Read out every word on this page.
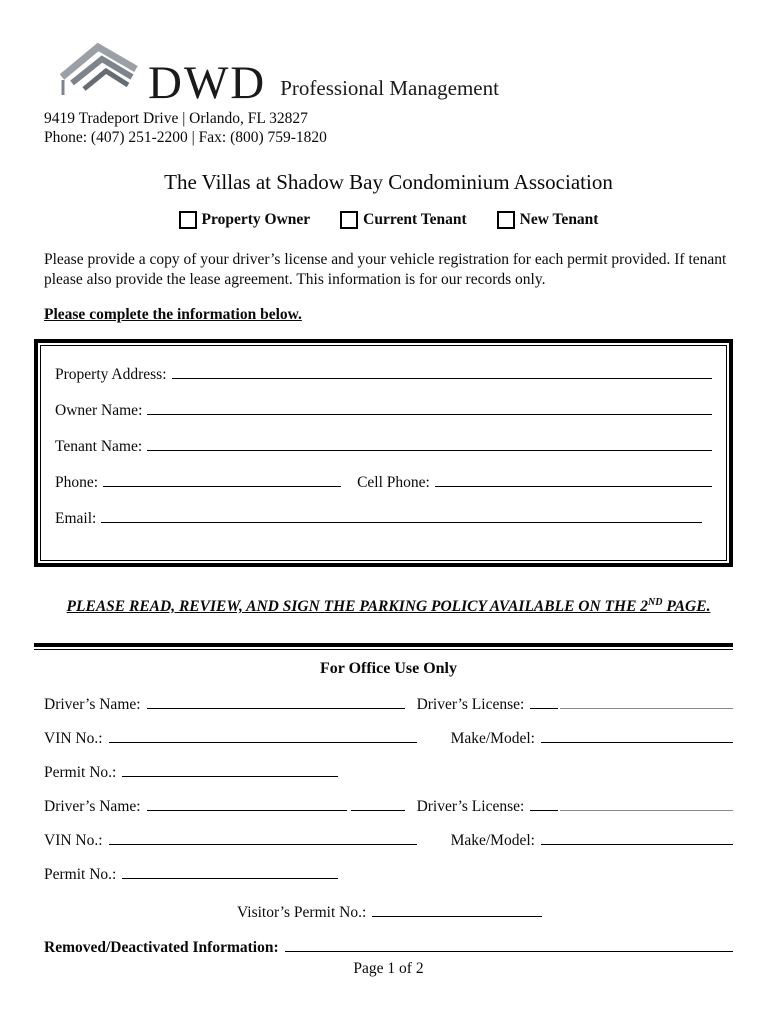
DWD Professional Management
9419 Tradeport Drive | Orlando, FL 32827
Phone: (407) 251-2200 | Fax: (800) 759-1820
The Villas at Shadow Bay Condominium Association
Property Owner	Current Tenant	New Tenant
Please provide a copy of your driver’s license and your vehicle registration for each permit provided. If tenant please also provide the lease agreement. This information is for our records only.
Please complete the information below.
Property Address:
Owner Name:
Tenant Name:
Phone:	Cell Phone:
Email:
PLEASE READ, REVIEW, AND SIGN THE PARKING POLICY AVAILABLE ON THE 2ND PAGE.
For Office Use Only
Driver’s Name:	Driver’s License:
VIN No.:	Make/Model:
Permit No.:
Driver’s Name:	Driver’s License:
VIN No.:	Make/Model:
Permit No.:
Visitor’s Permit No.:
Removed/Deactivated Information:
Page 1 of 2
